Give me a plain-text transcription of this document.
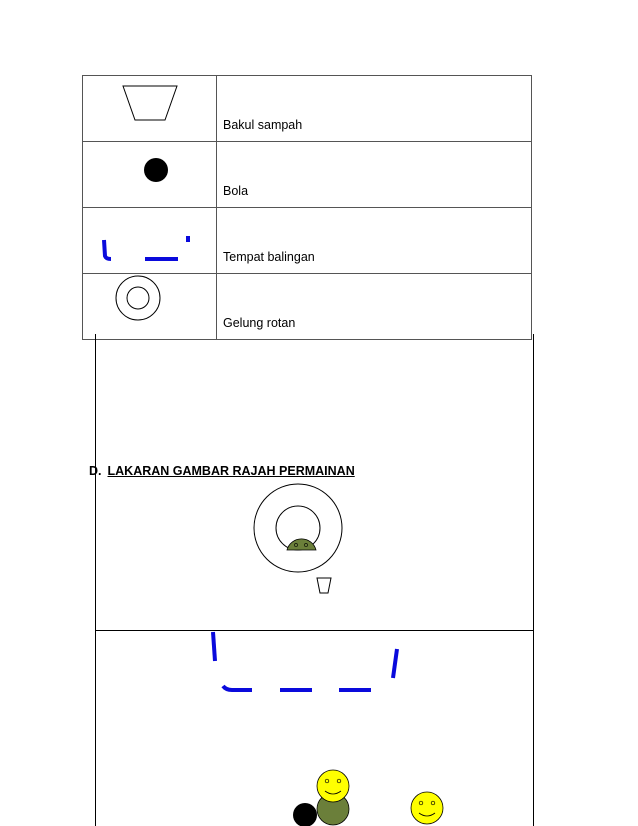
	Bakul sampah

	Bola

	Tempat balingan

	Gelung rotan
D. LAKARAN GAMBAR RAJAH PERMAINAN
